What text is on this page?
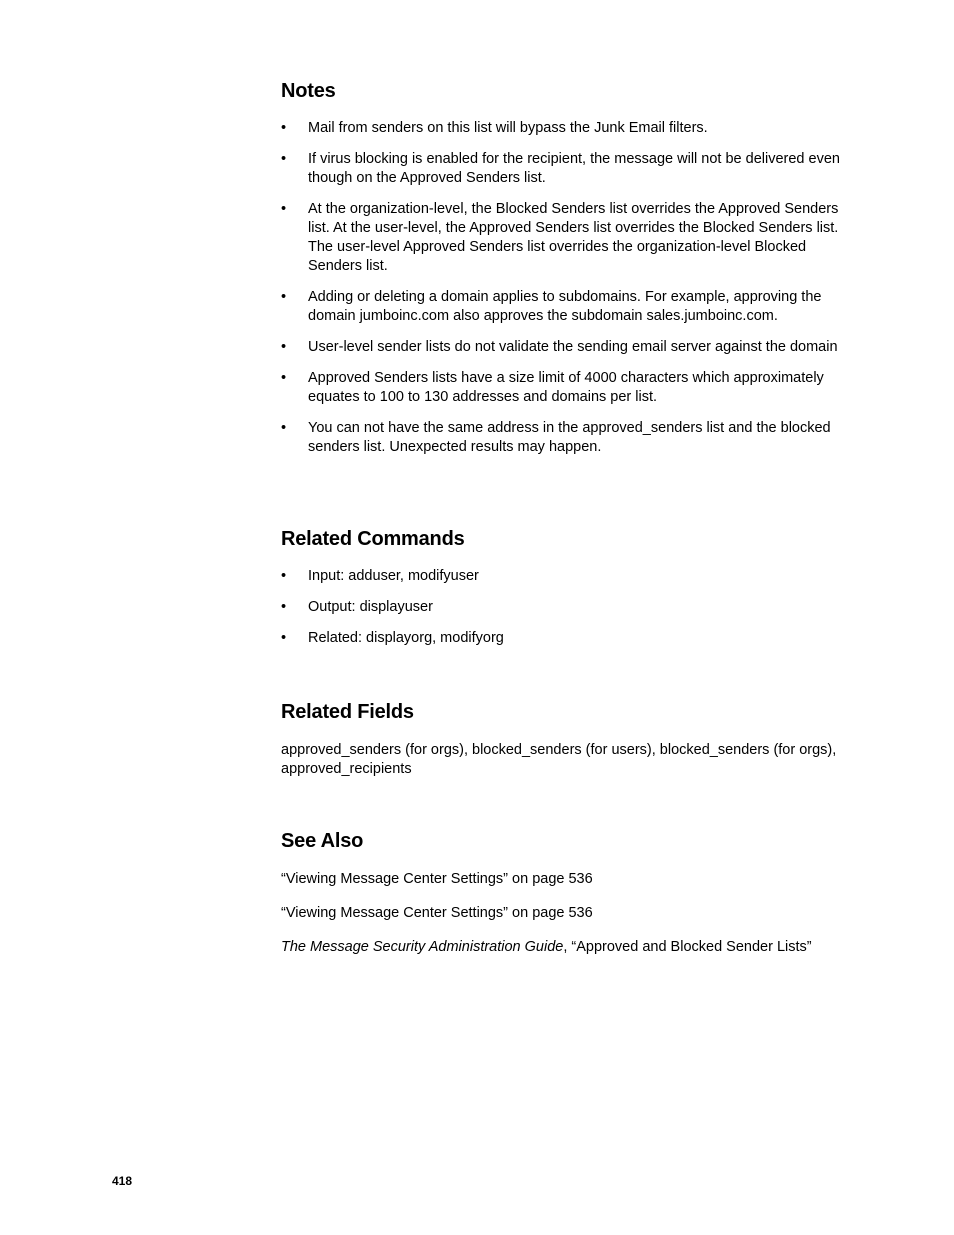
Notes
• Mail from senders on this list will bypass the Junk Email filters.
• If virus blocking is enabled for the recipient, the message will not be delivered even though on the Approved Senders list.
• At the organization-level, the Blocked Senders list overrides the Approved Senders list. At the user-level, the Approved Senders list overrides the Blocked Senders list. The user-level Approved Senders list overrides the organization-level Blocked Senders list.
• Adding or deleting a domain applies to subdomains. For example, approving the domain jumboinc.com also approves the subdomain sales.jumboinc.com.
• User-level sender lists do not validate the sending email server against the domain
• Approved Senders lists have a size limit of 4000 characters which approximately equates to 100 to 130 addresses and domains per list.
• You can not have the same address in the approved_senders list and the blocked senders list. Unexpected results may happen.
Related Commands
• Input: adduser, modifyuser
• Output: displayuser
• Related: displayorg, modifyorg
Related Fields

approved_senders (for orgs), blocked_senders (for users), blocked_senders (for orgs), approved_recipients

See Also

“Viewing Message Center Settings” on page 536

“Viewing Message Center Settings” on page 536

The Message Security Administration Guide, “Approved and Blocked Sender Lists”

418
